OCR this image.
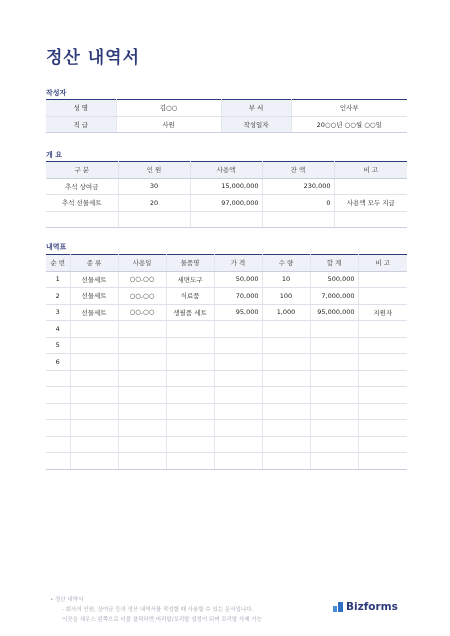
정산 내역서
작성자
성 명	김○○	부 서	인사부
직 급	사원	작성일자	20○○년 ○○월 ○○일
개 요
구 분	인 원	사용액	잔 액	비 고
추석 상여금	30	15,000,000	230,000	
추석 선물세트	20	97,000,000	0	사용액 모두 지급

내역표
순 번	종 류	사용일	물품명	가 격	수 량	합 계	비 고
1	선물세트	○○.○○	세면도구	50,000	10	500,000	
2	선물세트	○○.○○	식료품	70,000	100	7,000,000	
3	선물세트	○○.○○	생필품 세트	95,000	1,000	95,000,000	지원자
4							
5							
6							

• 정산 내역서
- 회사의 인원, 상여금 등의 정산 내역서를 작성할 때 사용할 수 있는 문서입니다.
이곳을 새우스 왼쪽으로 더블 클릭하면 머리말/꼬리말 설정이 되며 꼬리말 삭제 가능
Bizforms
